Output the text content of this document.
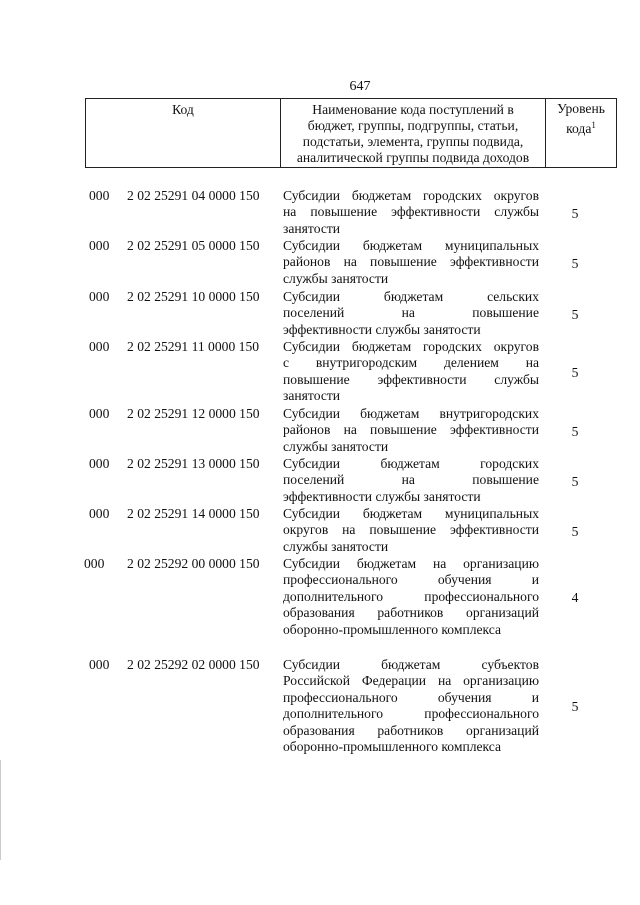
647
Код	Наименование кода поступлений в
бюджет, группы, подгруппы, статьи,
подстатьи, элемента, группы подвида,
аналитической группы подвида доходов
Уровень
кода$^1$
000	2 02 25291 04 0000 150 Субсидии бюджетам городских округов
на повышение эффективности службы
занятости
5
000	2 02 25291 05 0000 150 Субсидии бюджетам муниципальных
районов на повышение эффективности
службы занятости
5
000	2 02 25291 10 0000 150 Субсидии бюджетам сельских
поселений на повышение
эффективности службы занятости
5
000	2 02 25291 11 0000 150 Субсидии бюджетам городских округов
с внутригородским делением на
повышение эффективности службы
занятости
5
000	2 02 25291 12 0000 150 Субсидии бюджетам внутригородских
районов на повышение эффективности
службы занятости
5
000	2 02 25291 13 0000 150 Субсидии бюджетам городских
поселений на повышение
эффективности службы занятости
5
000	2 02 25291 14 0000 150 Субсидии бюджетам муниципальных
округов на повышение эффективности
службы занятости
5
000	2 02 25292 00 0000 150 Субсидии бюджетам на организацию
профессионального обучения и
дополнительного профессионального
образования работников организаций
оборонно-промышленного комплекса
4
000	2 02 25292 02 0000 150 Субсидии бюджетам субъектов
Российской Федерации на организацию
профессионального обучения и
дополнительного профессионального
образования работников организаций
оборонно-промышленного комплекса
5
